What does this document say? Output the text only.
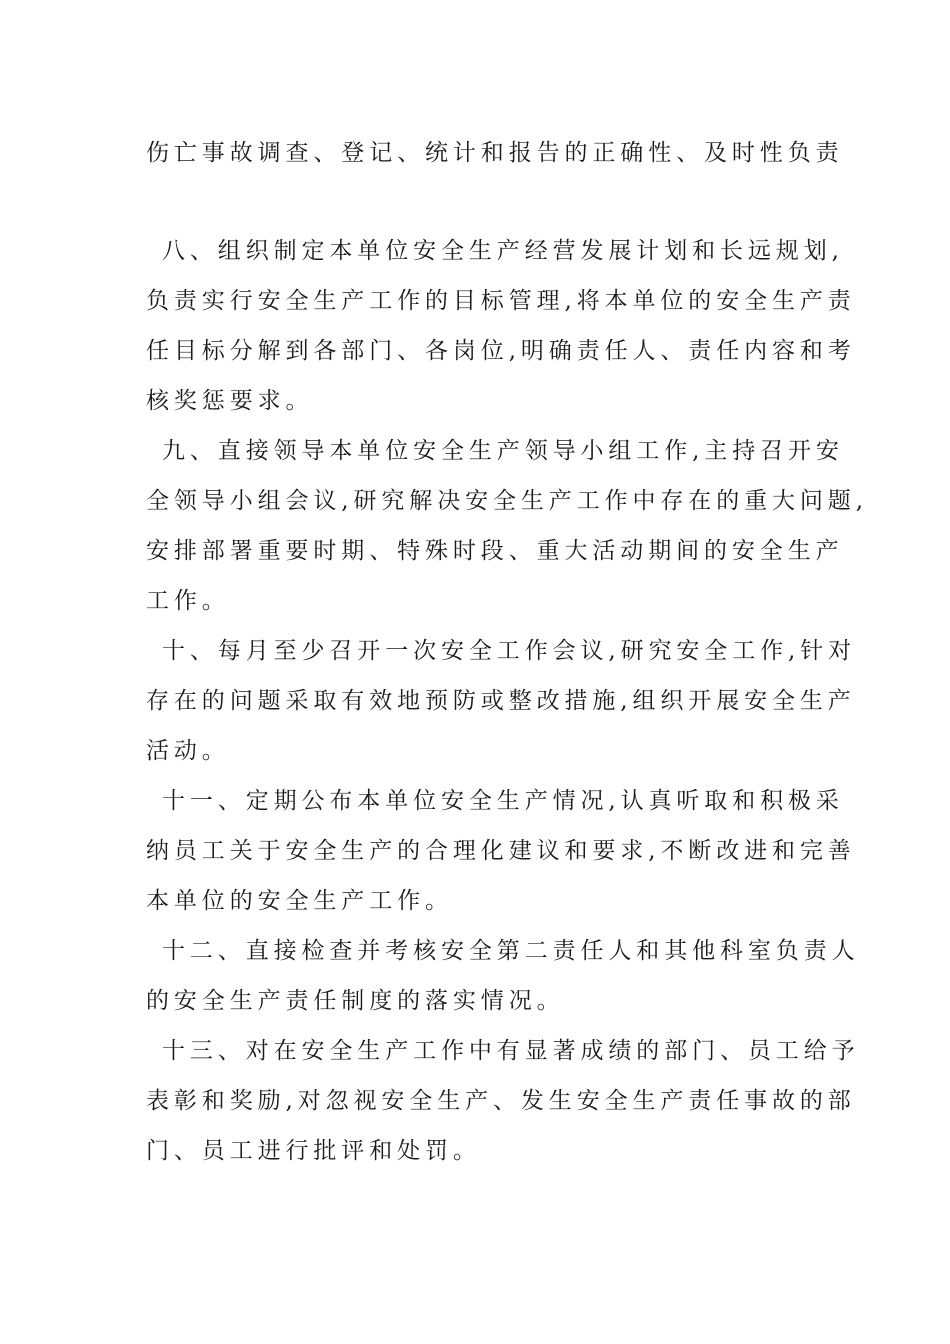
伤亡事故调查、登记、统计和报告的正确性、及时性负责
八、组织制定本单位安全生产经营发展计划和长远规划,
负责实行安全生产工作的目标管理,将本单位的安全生产责
任目标分解到各部门、各岗位,明确责任人、责任内容和考
核奖惩要求。
九、直接领导本单位安全生产领导小组工作,主持召开安
全领导小组会议,研究解决安全生产工作中存在的重大问题,
安排部署重要时期、特殊时段、重大活动期间的安全生产
工作。
十、每月至少召开一次安全工作会议,研究安全工作,针对
存在的问题采取有效地预防或整改措施,组织开展安全生产
活动。
十一、定期公布本单位安全生产情况,认真听取和积极采
纳员工关于安全生产的合理化建议和要求,不断改进和完善
本单位的安全生产工作。
十二、直接检查并考核安全第二责任人和其他科室负责人
的安全生产责任制度的落实情况。
十三、对在安全生产工作中有显著成绩的部门、员工给予
表彰和奖励,对忽视安全生产、发生安全生产责任事故的部
门、员工进行批评和处罚。
